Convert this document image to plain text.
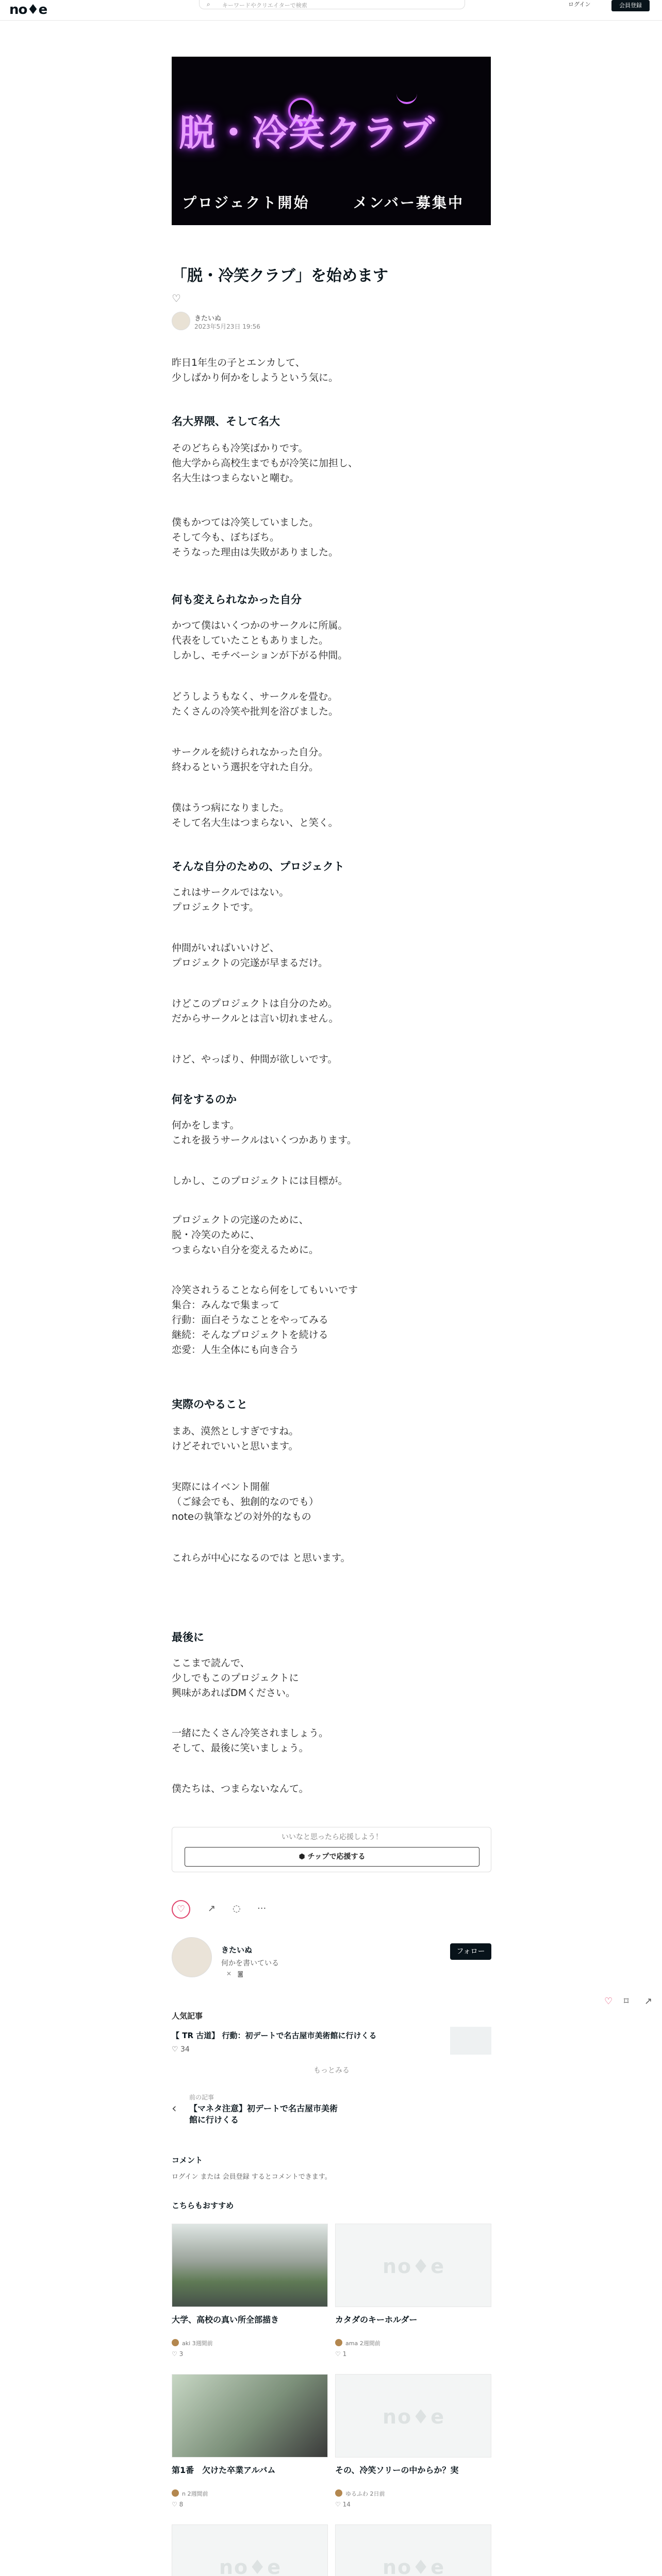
no♦e	⌕ キーワードやクリエイターで検索	ログイン	会員登録
脱・冷笑クラブ
プロジェクト開始	メンバー募集中
「脱・冷笑クラブ」を始めます
♡
きたいぬ
2023年5月23日 19:56
昨日1年生の子とエンカして、
少しばかり何かをしようという気に。
名大界隈、そして名大
そのどちらも冷笑ばかりです。
他大学から高校生までもが冷笑に加担し、
名大生はつまらないと嘲む。
僕もかつては冷笑していました。
そして今も、ぼちぼち。
そうなった理由は失敗がありました。
何も変えられなかった自分
かつて僕はいくつかのサークルに所属。
代表をしていたこともありました。
しかし、モチベーションが下がる仲間。
どうしようもなく、サークルを畳む。
たくさんの冷笑や批判を浴びました。
サークルを続けられなかった自分。
終わるという選択を守れた自分。
僕はうつ病になりました。
そして名大生はつまらない、と笑く。
そんな自分のための、プロジェクト
これはサークルではない。
プロジェクトです。
仲間がいればいいけど、
プロジェクトの完遂が早まるだけ。
けどこのプロジェクトは自分のため。
だからサークルとは言い切れません。
けど、やっぱり、仲間が欲しいです。
何をするのか
何かをします。
これを扱うサークルはいくつかあります。
しかし、このプロジェクトには目標が。
プロジェクトの完遂のために、
脱・冷笑のために、
つまらない自分を変えるために。
冷笑されうることなら何をしてもいいです
集合：みんなで集まって
行動：面白そうなことをやってみる
継続：そんなプロジェクトを続ける
恋愛：人生全体にも向き合う
実際のやること
まあ、漠然としすぎですね。
けどそれでいいと思います。
実際にはイベント開催
（ご縁会でも、独創的なのでも）
noteの執筆などの対外的なもの
これらが中心になるのでは と思います。
最後に
ここまで読んで、
少しでもこのプロジェクトに
興味があればDMください。
一緒にたくさん冷笑されましょう。
そして、最後に笑いましょう。
僕たちは、つまらないなんて。
いいなと思ったら応援しよう！
⬢ チップで応援する
♡	↗ ◌ ···
きたいぬ
何かを書いている
✕   ◙
フォロー
♡ ⌑ ↗
人気記事
【 TR 古道】 行動：初デートで名古屋市美術館に行けくる
♡ 34
もっとみる
‹
前の記事
【マネタ注意】初デートで名古屋市美術館に行けくる
コメント
ログイン または 会員登録 するとコメントできます。
こちらもおすすめ
大学、高校の真い所全部描き
aki 3週間前
♡ 3
no♦e
カタダのキーホルダー
ama 2週間前
♡ 1
第1番　欠けた卒業アルバム
n 2週間前
♡ 8
no♦e
その、冷笑ソリーの中からか？実
ゆるふわ 2日前
♡ 14
no♦e	no♦e
